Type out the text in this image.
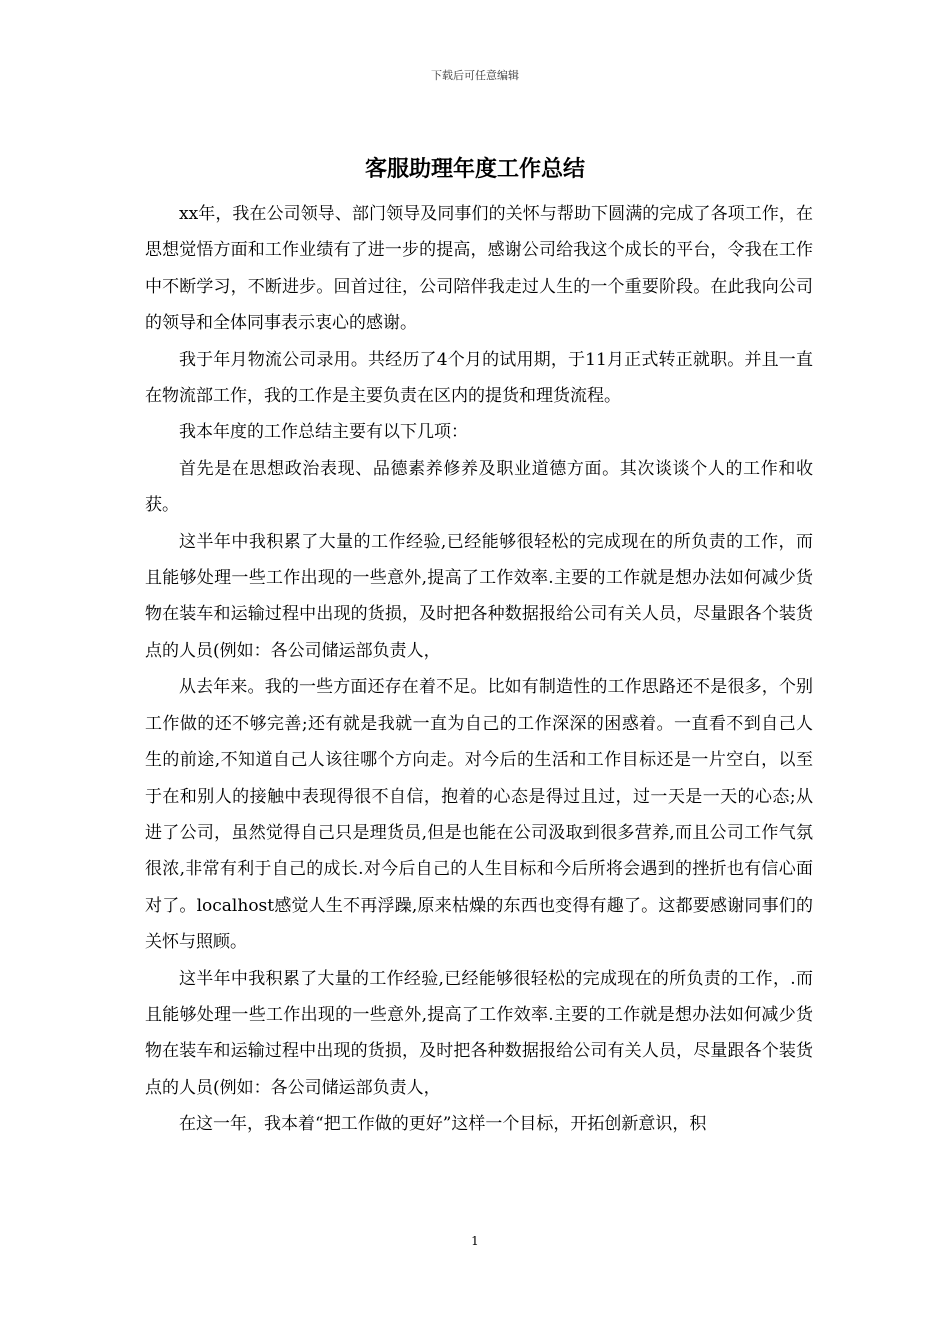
下载后可任意编辑
客服助理年度工作总结

xx年，我在公司领导、部门领导及同事们的关怀与帮助下圆满的完成了各项工作，在思想觉悟方面和工作业绩有了进一步的提高，感谢公司给我这个成长的平台，令我在工作中不断学习，不断进步。回首过往，公司陪伴我走过人生的一个重要阶段。在此我向公司的领导和全体同事表示衷心的感谢。

我于年月物流公司录用。共经历了4个月的试用期，于11月正式转正就职。并且一直在物流部工作，我的工作是主要负责在区内的提货和理货流程。

我本年度的工作总结主要有以下几项：

首先是在思想政治表现、品德素养修养及职业道德方面。其次谈谈个人的工作和收获。

这半年中我积累了大量的工作经验,已经能够很轻松的完成现在的所负责的工作，而且能够处理一些工作出现的一些意外,提高了工作效率.主要的工作就是想办法如何减少货物在装车和运输过程中出现的货损，及时把各种数据报给公司有关人员，尽量跟各个装货点的人员(例如：各公司储运部负责人，

从去年来。我的一些方面还存在着不足。比如有制造性的工作思路还不是很多，个别工作做的还不够完善;还有就是我就一直为自己的工作深深的困惑着。一直看不到自己人生的前途,不知道自己人该往哪个方向走。对今后的生活和工作目标还是一片空白，以至于在和别人的接触中表现得很不自信，抱着的心态是得过且过，过一天是一天的心态;从进了公司，虽然觉得自己只是理货员,但是也能在公司汲取到很多营养,而且公司工作气氛很浓,非常有利于自己的成长.对今后自己的人生目标和今后所将会遇到的挫折也有信心面对了。localhost感觉人生不再浮躁,原来枯燥的东西也变得有趣了。这都要感谢同事们的关怀与照顾。

这半年中我积累了大量的工作经验,已经能够很轻松的完成现在的所负责的工作，.而且能够处理一些工作出现的一些意外,提高了工作效率.主要的工作就是想办法如何减少货物在装车和运输过程中出现的货损，及时把各种数据报给公司有关人员，尽量跟各个装货点的人员(例如：各公司储运部负责人，

在这一年，我本着“把工作做的更好”这样一个目标，开拓创新意识，积

1
